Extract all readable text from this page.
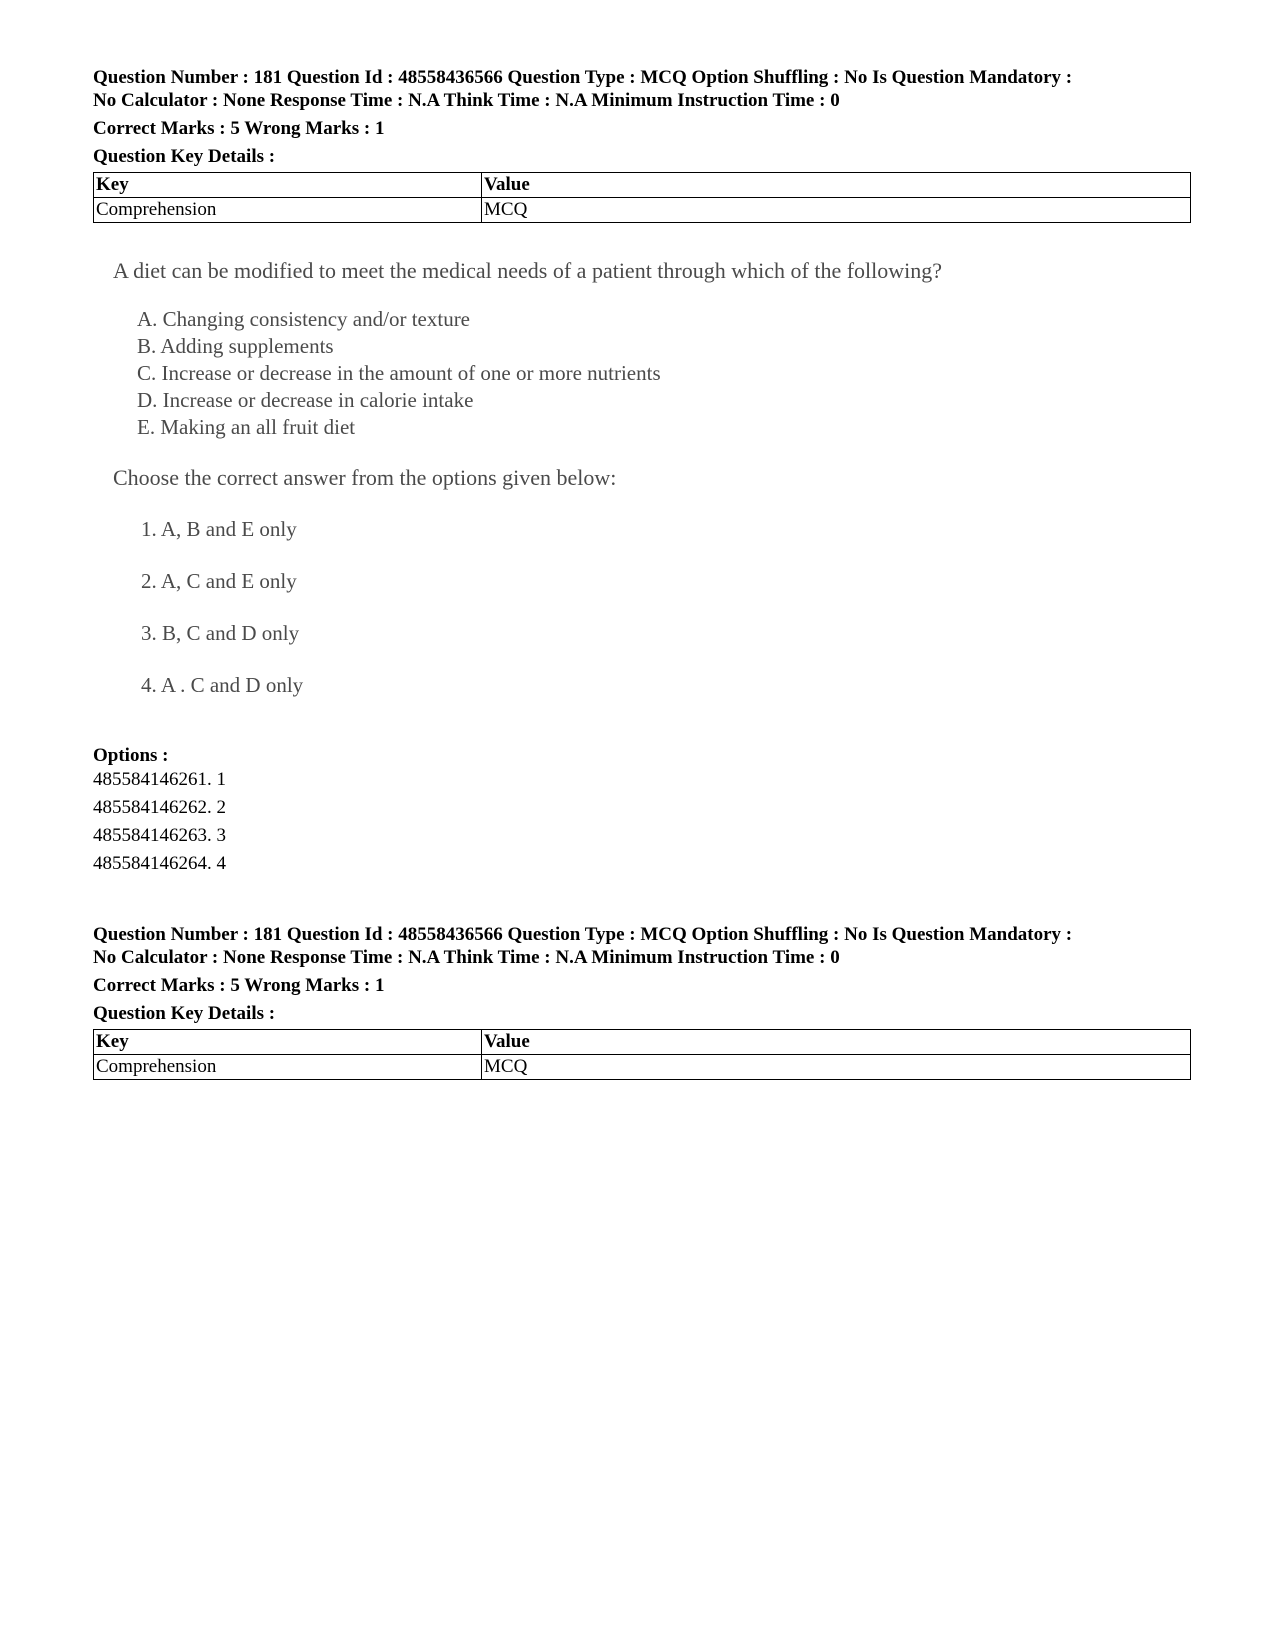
Question Number : 181 Question Id : 48558436566 Question Type : MCQ Option Shuffling : No Is Question Mandatory :
No Calculator : None Response Time : N.A Think Time : N.A Minimum Instruction Time : 0
Correct Marks : 5 Wrong Marks : 1
Question Key Details :
Key	Value
Comprehension	MCQ
A diet can be modified to meet the medical needs of a patient through which of the following?
A. Changing consistency and/or texture
B. Adding supplements
C. Increase or decrease in the amount of one or more nutrients
D. Increase or decrease in calorie intake
E. Making an all fruit diet
Choose the correct answer from the options given below:
1. A, B and E only
2. A, C and E only
3. B, C and D only
4. A . C and D only
Options :
485584146261. 1
485584146262. 2
485584146263. 3
485584146264. 4
Question Number : 181 Question Id : 48558436566 Question Type : MCQ Option Shuffling : No Is Question Mandatory :
No Calculator : None Response Time : N.A Think Time : N.A Minimum Instruction Time : 0
Correct Marks : 5 Wrong Marks : 1
Question Key Details :
Key	Value
Comprehension	MCQ
